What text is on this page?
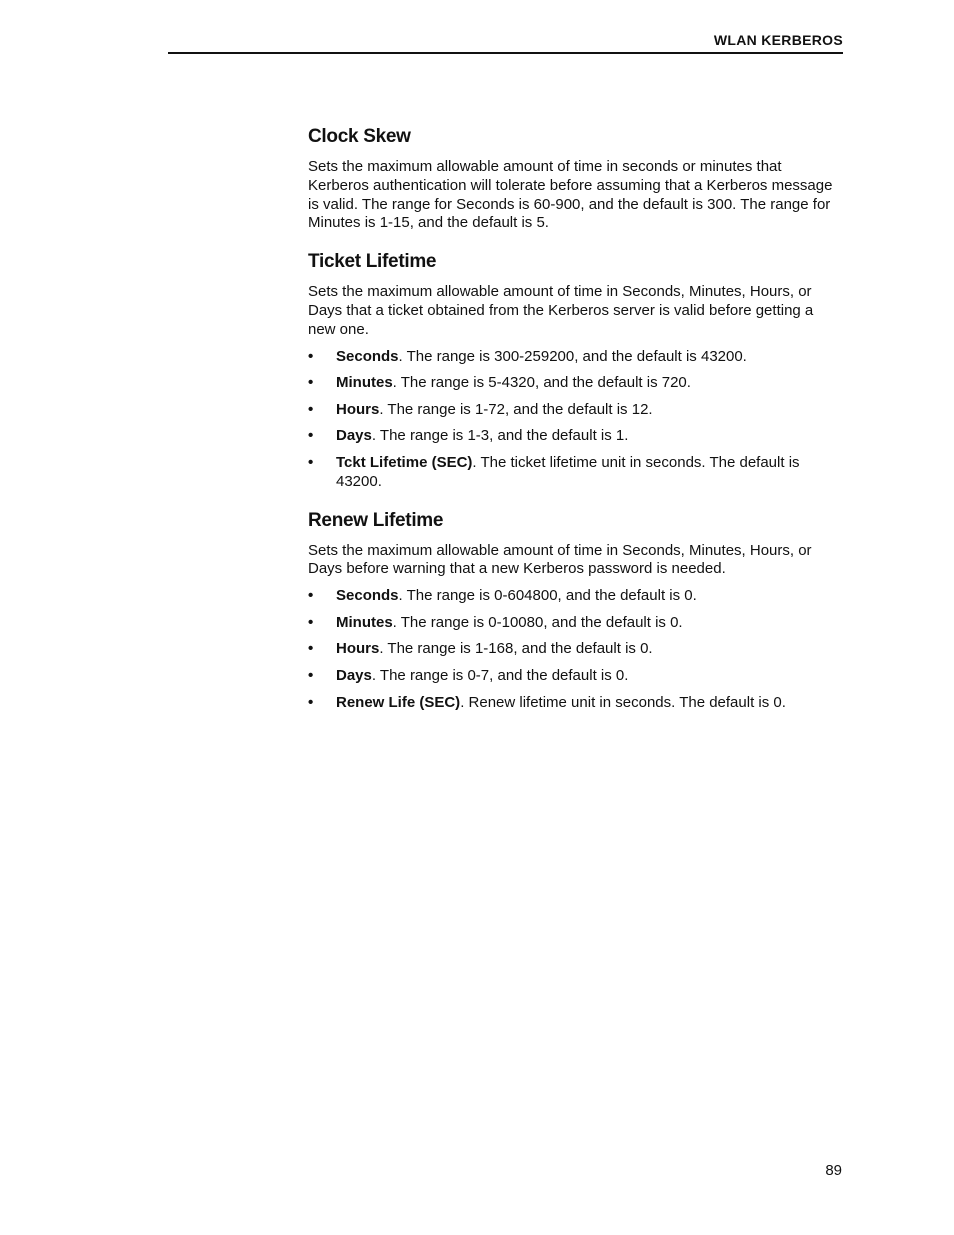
WLAN KERBEROS
Clock Skew

Sets the maximum allowable amount of time in seconds or minutes that Kerberos authentication will tolerate before assuming that a Kerberos message is valid. The range for Seconds is 60-900, and the default is 300. The range for Minutes is 1-15, and the default is 5.

Ticket Lifetime

Sets the maximum allowable amount of time in Seconds, Minutes, Hours, or Days that a ticket obtained from the Kerberos server is valid before getting a new one.

• Seconds. The range is 300-259200, and the default is 43200.
• Minutes. The range is 5-4320, and the default is 720.
• Hours. The range is 1-72, and the default is 12.
• Days. The range is 1-3, and the default is 1.
• Tckt Lifetime (SEC). The ticket lifetime unit in seconds. The default is 43200.
Renew Lifetime

Sets the maximum allowable amount of time in Seconds, Minutes, Hours, or Days before warning that a new Kerberos password is needed.

• Seconds. The range is 0-604800, and the default is 0.
• Minutes. The range is 0-10080, and the default is 0.
• Hours. The range is 1-168, and the default is 0.
• Days. The range is 0-7, and the default is 0.
• Renew Life (SEC). Renew lifetime unit in seconds. The default is 0.
89
